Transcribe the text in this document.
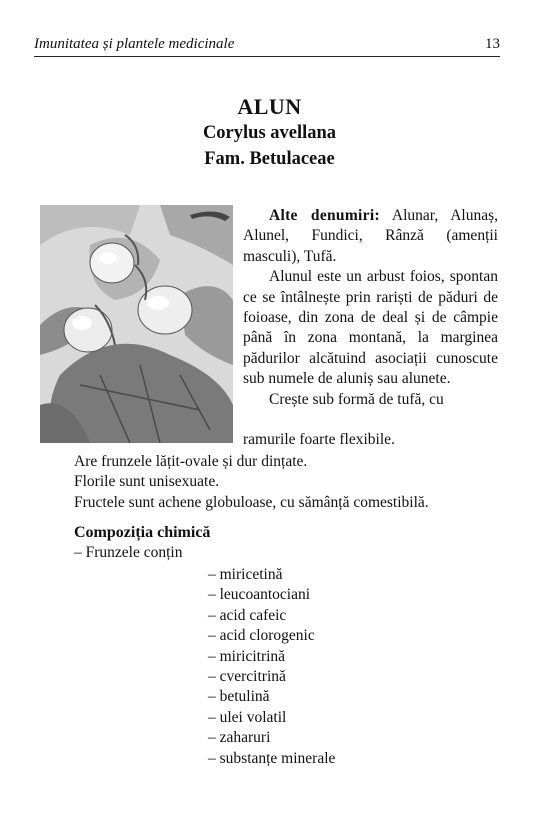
Imunitatea și plantele medicinale	13
ALUN
Corylus avellana
Fam. Betulaceae

Alte denumiri: Alunar, Alunaș, Alunel, Fundici, Rânză (amenții masculi), Tufă.

Alunul este un arbust foios, spontan ce se întâlnește prin rariști de păduri de foioase, din zona de deal și de câmpie până în zona montană, la marginea pădurilor alcătuind asociații cunoscute sub numele de aluniș sau alunete.

Crește sub formă de tufă, cu

ramurile foarte flexibile.
Are frunzele lățit-ovale și dur dințate.
Florile sunt unisexuate.
Fructele sunt achene globuloase, cu sămânță comestibilă.
Compoziția chimică
– Frunzele conțin
– miricetină
– leucoantociani
– acid cafeic
– acid clorogenic
– miricitrină
– cvercitrină
– betulină
– ulei volatil
– zaharuri
– substanțe minerale
